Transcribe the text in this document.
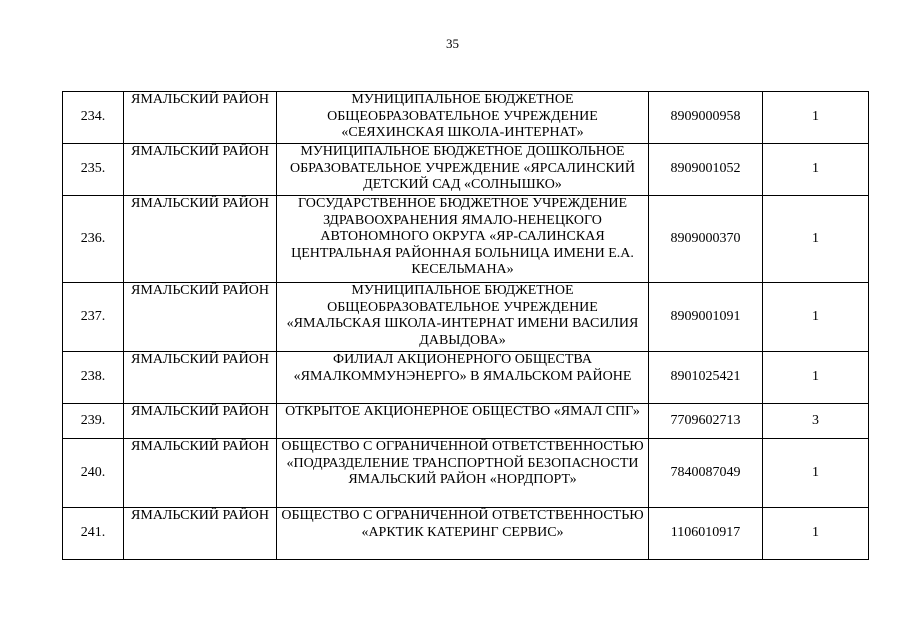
35
234.	ЯМАЛЬСКИЙ РАЙОН	МУНИЦИПАЛЬНОЕ БЮДЖЕТНОЕ ОБЩЕОБРАЗОВАТЕЛЬНОЕ УЧРЕЖДЕНИЕ «СЕЯХИНСКАЯ ШКОЛА-ИНТЕРНАТ»	8909000958	1
235.	ЯМАЛЬСКИЙ РАЙОН	МУНИЦИПАЛЬНОЕ БЮДЖЕТНОЕ ДОШКОЛЬНОЕ ОБРАЗОВАТЕЛЬНОЕ УЧРЕЖДЕНИЕ «ЯРСАЛИНСКИЙ ДЕТСКИЙ САД «СОЛНЫШКО»	8909001052	1
236.	ЯМАЛЬСКИЙ РАЙОН	ГОСУДАРСТВЕННОЕ БЮДЖЕТНОЕ УЧРЕЖДЕНИЕ ЗДРАВООХРАНЕНИЯ ЯМАЛО-НЕНЕЦКОГО АВТОНОМНОГО ОКРУГА «ЯР-САЛИНСКАЯ ЦЕНТРАЛЬНАЯ РАЙОННАЯ БОЛЬНИЦА ИМЕНИ Е.А. КЕСЕЛЬМАНА»	8909000370	1
237.	ЯМАЛЬСКИЙ РАЙОН	МУНИЦИПАЛЬНОЕ БЮДЖЕТНОЕ ОБЩЕОБРАЗОВАТЕЛЬНОЕ УЧРЕЖДЕНИЕ «ЯМАЛЬСКАЯ ШКОЛА-ИНТЕРНАТ ИМЕНИ ВАСИЛИЯ ДАВЫДОВА»	8909001091	1
238.	ЯМАЛЬСКИЙ РАЙОН	ФИЛИАЛ АКЦИОНЕРНОГО ОБЩЕСТВА «ЯМАЛКОММУНЭНЕРГО» В ЯМАЛЬСКОМ РАЙОНЕ	8901025421	1
239.	ЯМАЛЬСКИЙ РАЙОН	ОТКРЫТОЕ АКЦИОНЕРНОЕ ОБЩЕСТВО «ЯМАЛ СПГ»	7709602713	3
240.	ЯМАЛЬСКИЙ РАЙОН	ОБЩЕСТВО С ОГРАНИЧЕННОЙ ОТВЕТСТВЕННОСТЬЮ «ПОДРАЗДЕЛЕНИЕ ТРАНСПОРТНОЙ БЕЗОПАСНОСТИ ЯМАЛЬСКИЙ РАЙОН «НОРДПОРТ»	7840087049	1
241.	ЯМАЛЬСКИЙ РАЙОН	ОБЩЕСТВО С ОГРАНИЧЕННОЙ ОТВЕТСТВЕННОСТЬЮ «АРКТИК КАТЕРИНГ СЕРВИС»	1106010917	1
